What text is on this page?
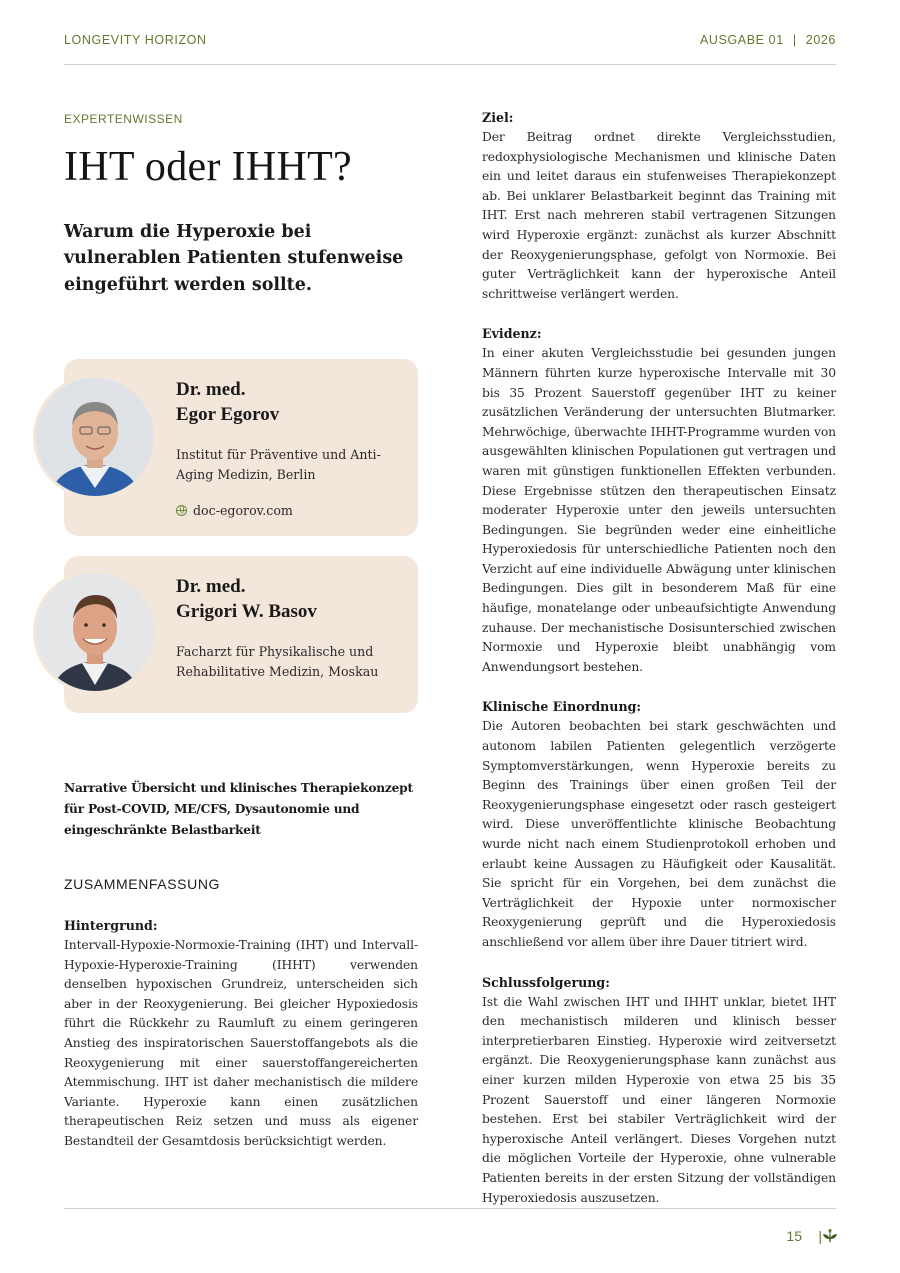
LONGEVITY HORIZON	AUSGABE 01 | 2026
EXPERTENWISSEN
IHT oder IHHT?
Warum die Hyperoxie bei vulnerablen Patienten stufenweise eingeführt werden sollte.
Dr. med.
Egor Egorov
Institut für Präventive und Anti-Aging Medizin, Berlin
doc-egorov.com
Dr. med.
Grigori W. Basov
Facharzt für Physikalische und Rehabilitative Medizin, Moskau
Narrative Übersicht und klinisches Therapiekonzept für Post-COVID, ME/CFS, Dysautonomie und eingeschränkte Belastbarkeit
ZUSAMMENFASSUNG
Hintergrund:
Intervall-Hypoxie-Normoxie-Training (IHT) und Intervall-Hypoxie-Hyperoxie-Training (IHHT) verwenden denselben hypoxischen Grundreiz, unterscheiden sich aber in der Reoxygenierung. Bei gleicher Hypoxiedosis führt die Rückkehr zu Raumluft zu einem geringeren Anstieg des inspiratorischen Sauerstoffangebots als die Reoxygenierung mit einer sauerstoffangereicherten Atemmischung. IHT ist daher mechanistisch die mildere Variante. Hyperoxie kann einen zusätzlichen therapeutischen Reiz setzen und muss als eigener Bestandteil der Gesamtdosis berücksichtigt werden.
Ziel:
Der Beitrag ordnet direkte Vergleichsstudien, redoxphysiologische Mechanismen und klinische Daten ein und leitet daraus ein stufenweises Therapiekonzept ab. Bei unklarer Belastbarkeit beginnt das Training mit IHT. Erst nach mehreren stabil vertragenen Sitzungen wird Hyperoxie ergänzt: zunächst als kurzer Abschnitt der Reoxygenierungsphase, gefolgt von Normoxie. Bei guter Verträglichkeit kann der hyperoxische Anteil schrittweise verlängert werden.
Evidenz:
In einer akuten Vergleichsstudie bei gesunden jungen Männern führten kurze hyperoxische Intervalle mit 30 bis 35 Prozent Sauerstoff gegenüber IHT zu keiner zusätzlichen Veränderung der untersuchten Blutmarker. Mehrwöchige, überwachte IHHT-Programme wurden von ausgewählten klinischen Populationen gut vertragen und waren mit günstigen funktionellen Effekten verbunden. Diese Ergebnisse stützen den therapeutischen Einsatz moderater Hyperoxie unter den jeweils untersuchten Bedingungen. Sie begründen weder eine einheitliche Hyperoxiedosis für unterschiedliche Patienten noch den Verzicht auf eine individuelle Abwägung unter klinischen Bedingungen. Dies gilt in besonderem Maß für eine häufige, monatelange oder unbeaufsichtigte Anwendung zuhause. Der mechanistische Dosisunterschied zwischen Normoxie und Hyperoxie bleibt unabhängig vom Anwendungsort bestehen.
Klinische Einordnung:
Die Autoren beobachten bei stark geschwächten und autonom labilen Patienten gelegentlich verzögerte Symptomverstärkungen, wenn Hyperoxie bereits zu Beginn des Trainings über einen großen Teil der Reoxygenierungsphase eingesetzt oder rasch gesteigert wird. Diese unveröffentlichte klinische Beobachtung wurde nicht nach einem Studienprotokoll erhoben und erlaubt keine Aussagen zu Häufigkeit oder Kausalität. Sie spricht für ein Vorgehen, bei dem zunächst die Verträglichkeit der Hypoxie unter normoxischer Reoxygenierung geprüft und die Hyperoxiedosis anschließend vor allem über ihre Dauer titriert wird.
Schlussfolgerung:
Ist die Wahl zwischen IHT und IHHT unklar, bietet IHT den mechanistisch milderen und klinisch besser interpretierbaren Einstieg. Hyperoxie wird zeitversetzt ergänzt. Die Reoxygenierungsphase kann zunächst aus einer kurzen milden Hyperoxie von etwa 25 bis 35 Prozent Sauerstoff und einer längeren Normoxie bestehen. Erst bei stabiler Verträglichkeit wird der hyperoxische Anteil verlängert. Dieses Vorgehen nutzt die möglichen Vorteile der Hyperoxie, ohne vulnerable Patienten bereits in der ersten Sitzung der vollständigen Hyperoxiedosis auszusetzen.
15 |
